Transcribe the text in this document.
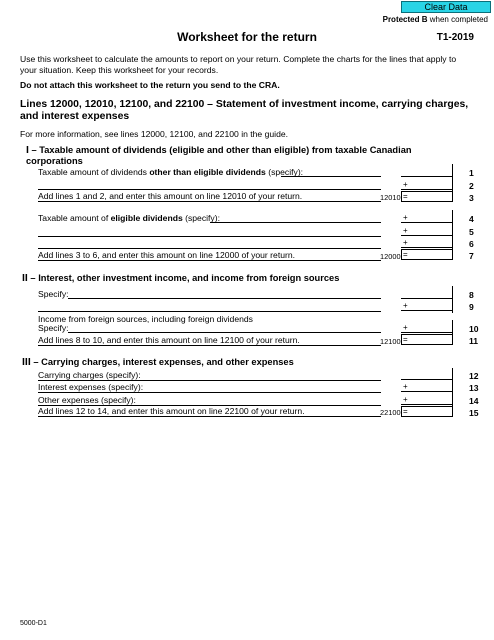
Clear Data
Protected B when completed
Worksheet for the return	T1-2019
Use this worksheet to calculate the amounts to report on your return. Complete the charts for the lines that apply to your situation. Keep this worksheet for your records.
Do not attach this worksheet to the return you send to the CRA.
Lines 12000, 12010, 12100, and 22100 – Statement of investment income, carrying charges, and interest expenses
For more information, see lines 12000, 12100, and 22100 in the guide.
I – Taxable amount of dividends (eligible and other than eligible) from taxable Canadian corporations
Taxable amount of dividends other than eligible dividends (specify):	1
+	2
Add lines 1 and 2, and enter this amount on line 12010 of your return.	12010 =	3
Taxable amount of eligible dividends (specify):	+	4
+	5
+	6
Add lines 3 to 6, and enter this amount on line 12000 of your return.	12000 =	7
II – Interest, other investment income, and income from foreign sources
Specify:	8
+	9
Income from foreign sources, including foreign dividends
Specify:	+	10
Add lines 8 to 10, and enter this amount on line 12100 of your return.	12100 =	11
III – Carrying charges, interest expenses, and other expenses
Carrying charges (specify):	12
Interest expenses (specify):	+	13
Other expenses (specify):	+	14
Add lines 12 to 14, and enter this amount on line 22100 of your return.	22100 =	15
5000-D1
